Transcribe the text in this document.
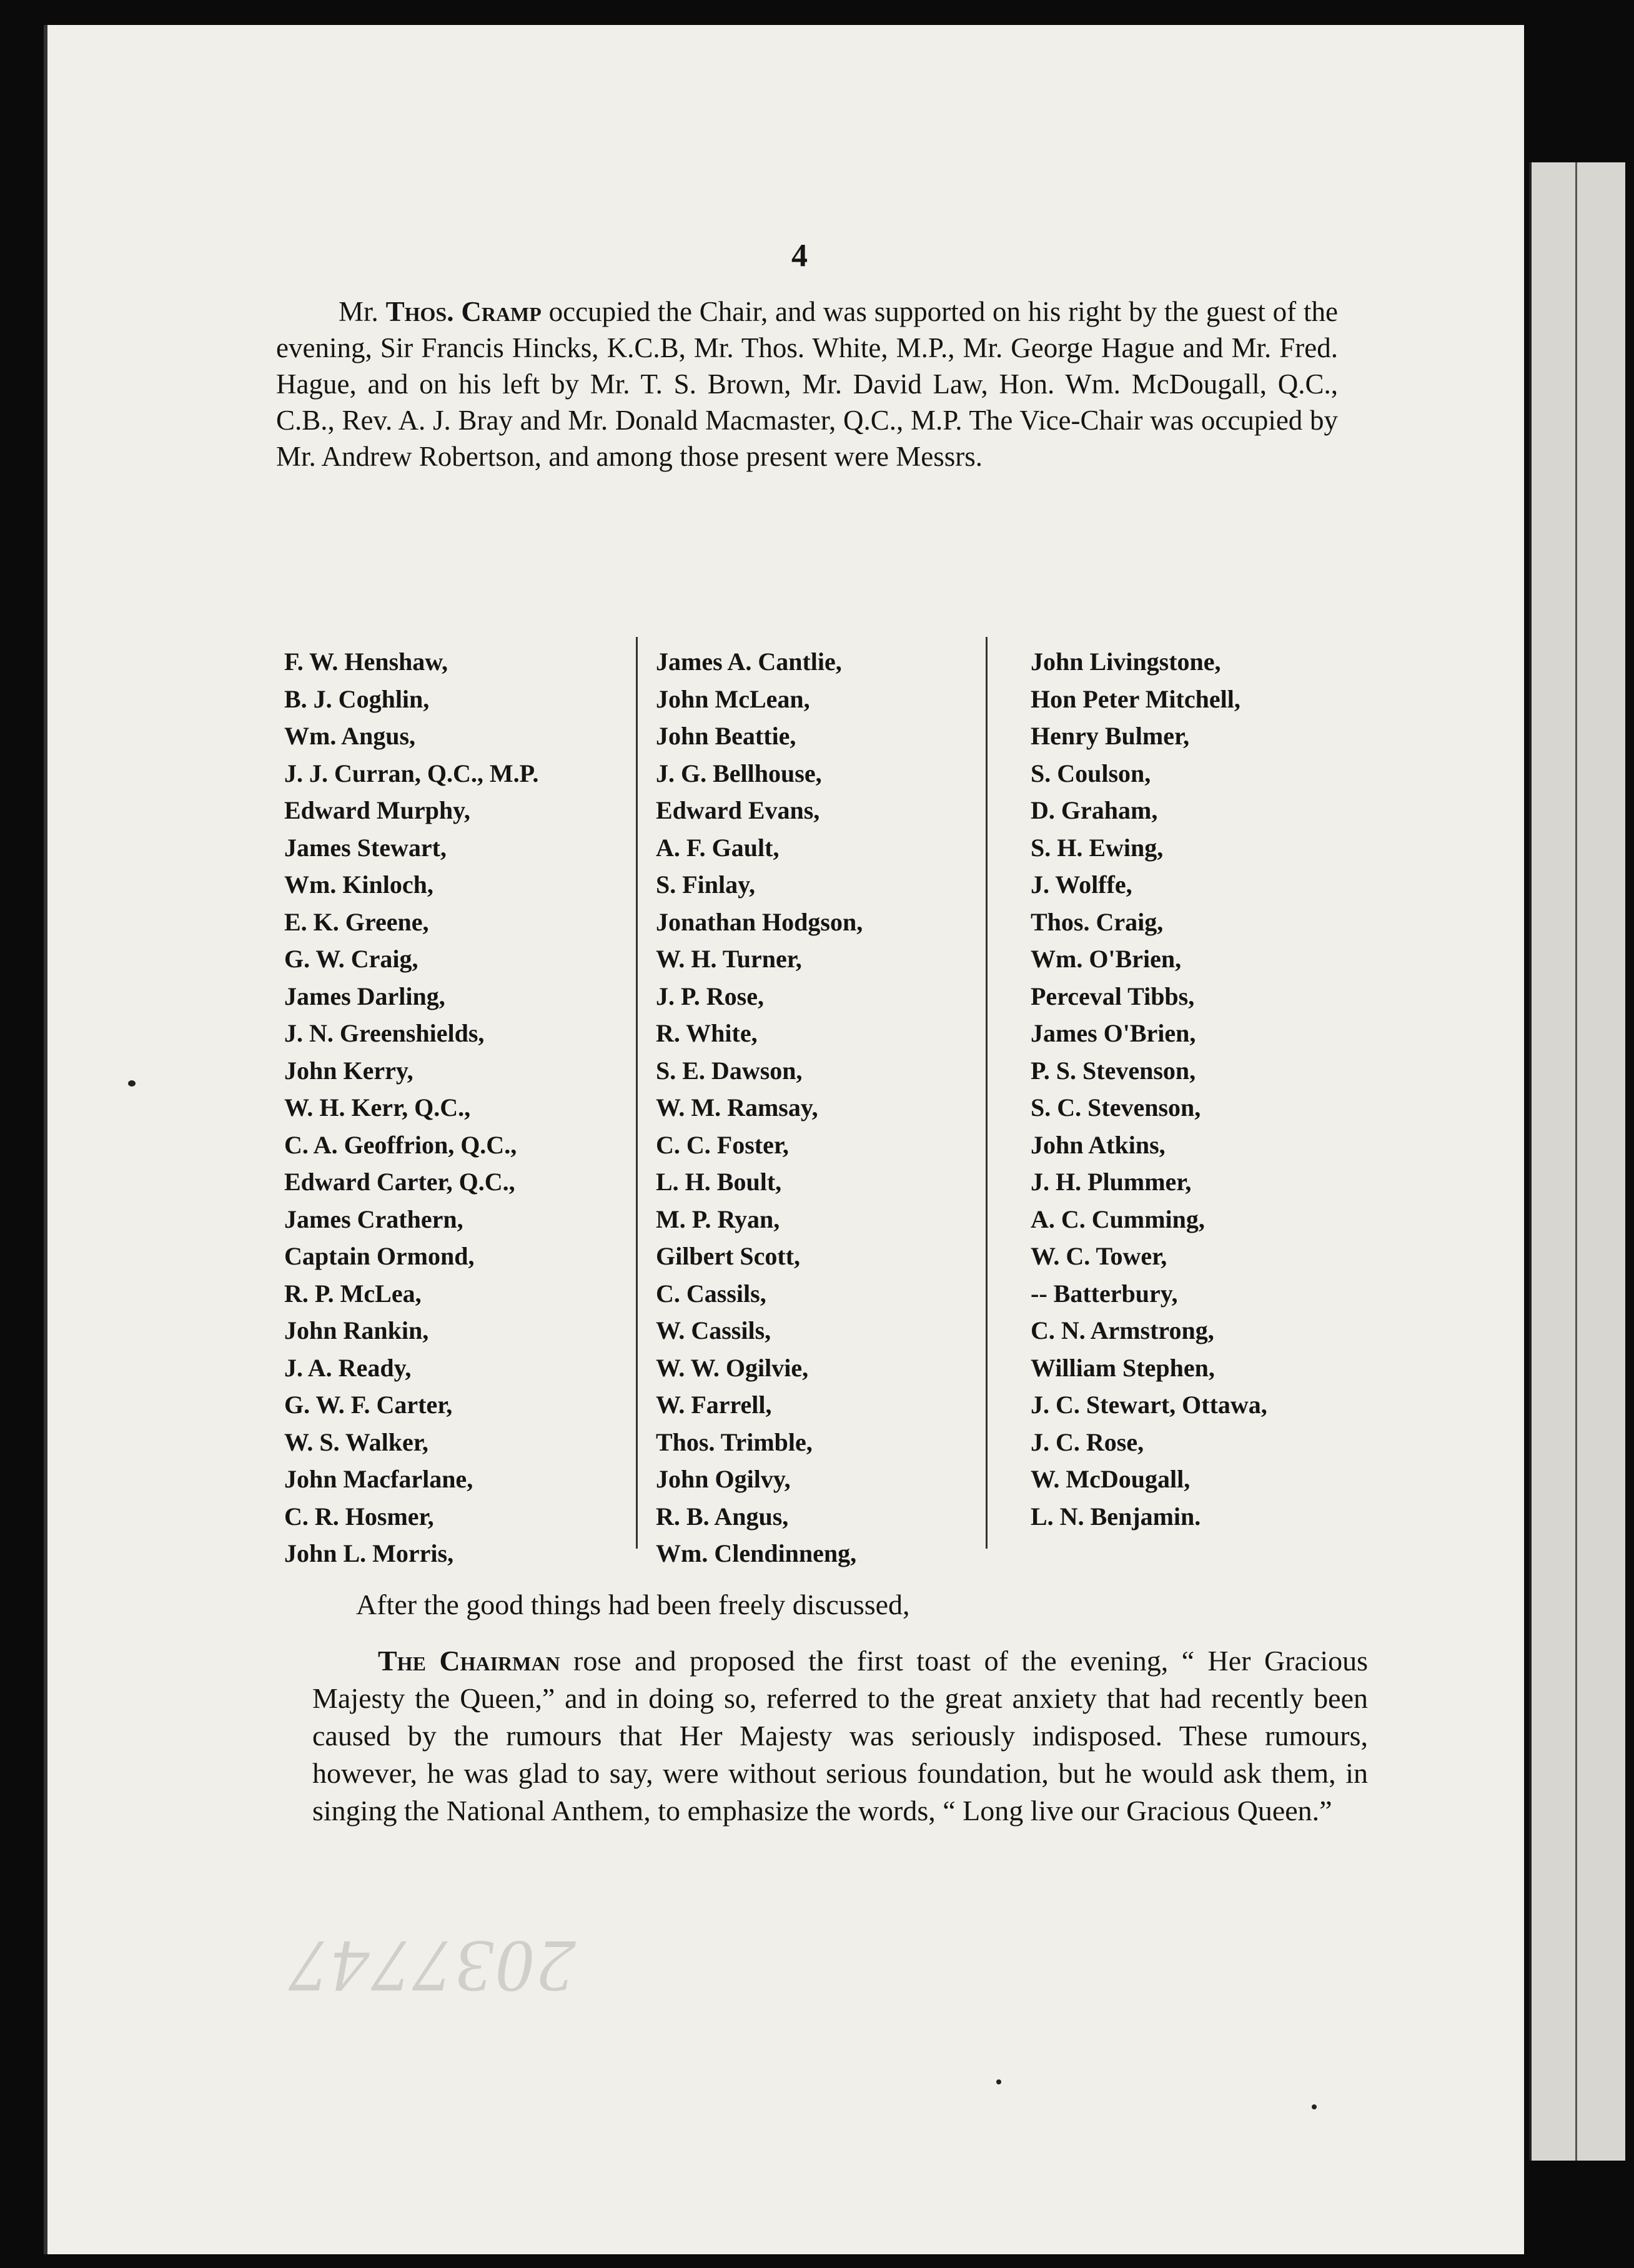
4

Mr. Thos. Cramp occupied the Chair, and was supported on his right by the guest of the evening, Sir Francis Hincks, K.C.B, Mr. Thos. White, M.P., Mr. George Hague and Mr. Fred. Hague, and on his left by Mr. T. S. Brown, Mr. David Law, Hon. Wm. McDougall, Q.C., C.B., Rev. A. J. Bray and Mr. Donald Macmaster, Q.C., M.P. The Vice-Chair was occupied by Mr. Andrew Robertson, and among those present were Messrs.

F. W. Henshaw,
B. J. Coghlin,
Wm. Angus,
J. J. Curran, Q.C., M.P.
Edward Murphy,
James Stewart,
Wm. Kinloch,
E. K. Greene,
G. W. Craig,
James Darling,
J. N. Greenshields,
John Kerry,
W. H. Kerr, Q.C.,
C. A. Geoffrion, Q.C.,
Edward Carter, Q.C.,
James Crathern,
Captain Ormond,
R. P. McLea,
John Rankin,
J. A. Ready,
G. W. F. Carter,
W. S. Walker,
John Macfarlane,
C. R. Hosmer,
John L. Morris,
James A. Cantlie,
John McLean,
John Beattie,
J. G. Bellhouse,
Edward Evans,
A. F. Gault,
S. Finlay,
Jonathan Hodgson,
W. H. Turner,
J. P. Rose,
R. White,
S. E. Dawson,
W. M. Ramsay,
C. C. Foster,
L. H. Boult,
M. P. Ryan,
Gilbert Scott,
C. Cassils,
W. Cassils,
W. W. Ogilvie,
W. Farrell,
Thos. Trimble,
John Ogilvy,
R. B. Angus,
Wm. Clendinneng,
John Livingstone,
Hon Peter Mitchell,
Henry Bulmer,
S. Coulson,
D. Graham,
S. H. Ewing,
J. Wolffe,
Thos. Craig,
Wm. O'Brien,
Perceval Tibbs,
James O'Brien,
P. S. Stevenson,
S. C. Stevenson,
John Atkins,
J. H. Plummer,
A. C. Cumming,
W. C. Tower,
-- Batterbury,
C. N. Armstrong,
William Stephen,
J. C. Stewart, Ottawa,
J. C. Rose,
W. McDougall,
L. N. Benjamin.

After the good things had been freely discussed,

The Chairman rose and proposed the first toast of the evening, “ Her Gracious Majesty the Queen,” and in doing so, referred to the great anxiety that had recently been caused by the rumours that Her Majesty was seriously indisposed. These rumours, however, he was glad to say, were without serious foundation, but he would ask them, in singing the National Anthem, to emphasize the words, “ Long live our Gracious Queen.”

2037747
